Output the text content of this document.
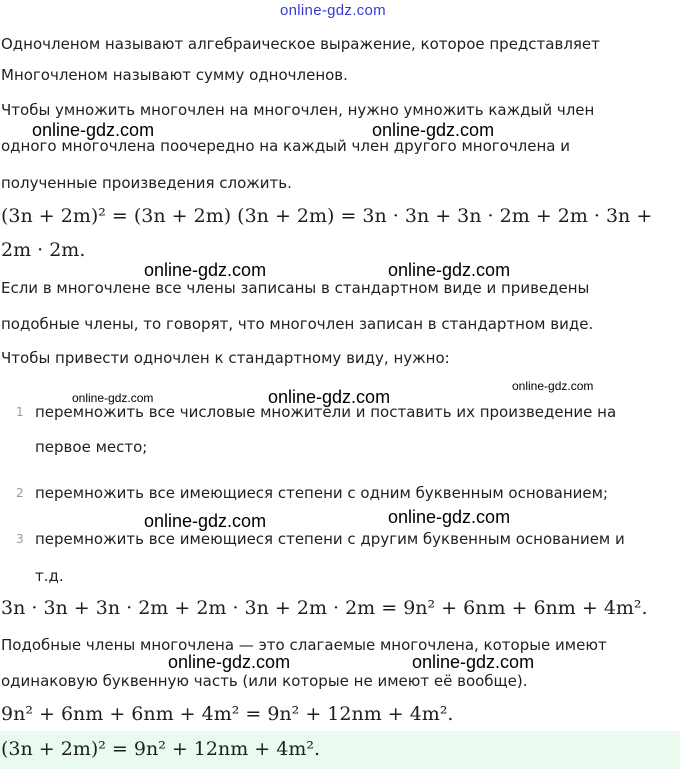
online-gdz.com
Одночленом называют алгебраическое выражение, которое представляет
Многочленом называют сумму одночленов.
Чтобы умножить многочлен на многочлен, нужно умножить каждый член
online-gdz.com	online-gdz.com
одного многочлена поочередно на каждый член другого многочлена и
полученные произведения сложить.
(3n + 2m)² = (3n + 2m) (3n + 2m) = 3n · 3n + 3n · 2m + 2m · 3n +
2m · 2m.
online-gdz.com	online-gdz.com
Если в многочлене все члены записаны в стандартном виде и приведены
подобные члены, то говорят, что многочлен записан в стандартном виде.
Чтобы привести одночлен к стандартному виду, нужно:
online-gdz.com	online-gdz.com
online-gdz.com
1 перемножить все числовые множители и поставить их произведение на
первое место;
2 перемножить все имеющиеся степени с одним буквенным основанием;
online-gdz.com	online-gdz.com
3 перемножить все имеющиеся степени с другим буквенным основанием и
т.д.
3n · 3n + 3n · 2m + 2m · 3n + 2m · 2m = 9n² + 6nm + 6nm + 4m².
Подобные члены многочлена — это слагаемые многочлена, которые имеют
online-gdz.com	online-gdz.com
одинаковую буквенную часть (или которые не имеют её вообще).
9n² + 6nm + 6nm + 4m² = 9n² + 12nm + 4m².
(3n + 2m)² = 9n² + 12nm + 4m².
